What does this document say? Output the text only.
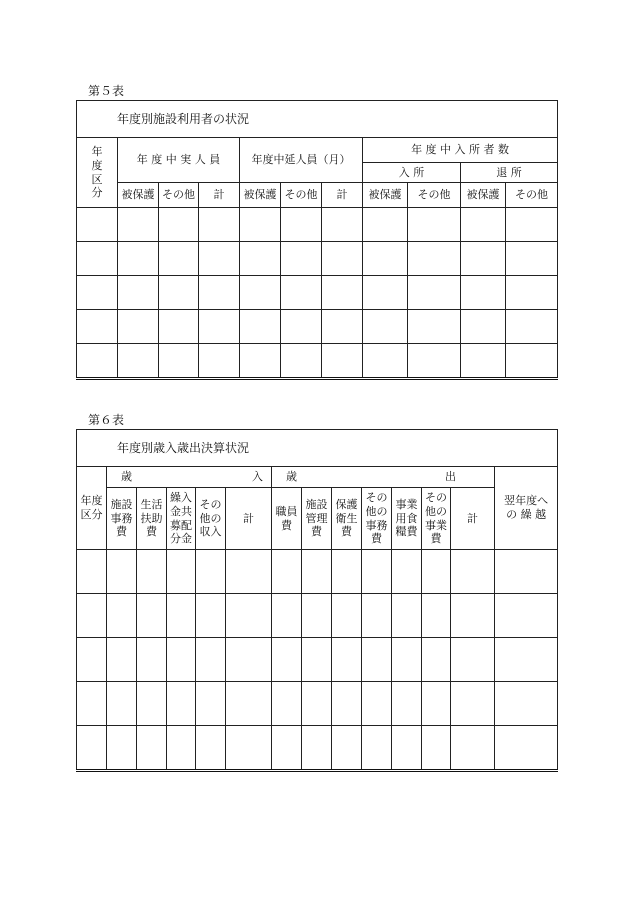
第５表
年度別施設利用者の状況										
年 度 区 分	年 度 中 実 人 員			年度中延人員（月）			年 度 中 入 所 者 数			
							入 所		退 所	
	被保護	その他	計	被保護	その他	計	被保護	その他	被保護	その他

第６表
年度別歳入歳出決算状況													
年度区分	歳 入					歳 出							翌年度への 繰 越
	施設事務費	生活扶助費	繰入金共募配分金	その他の収入	計	職員費	施設管理費	保護衛生費	その他の事務費	事業用食糧費	その他の事業費	計	
